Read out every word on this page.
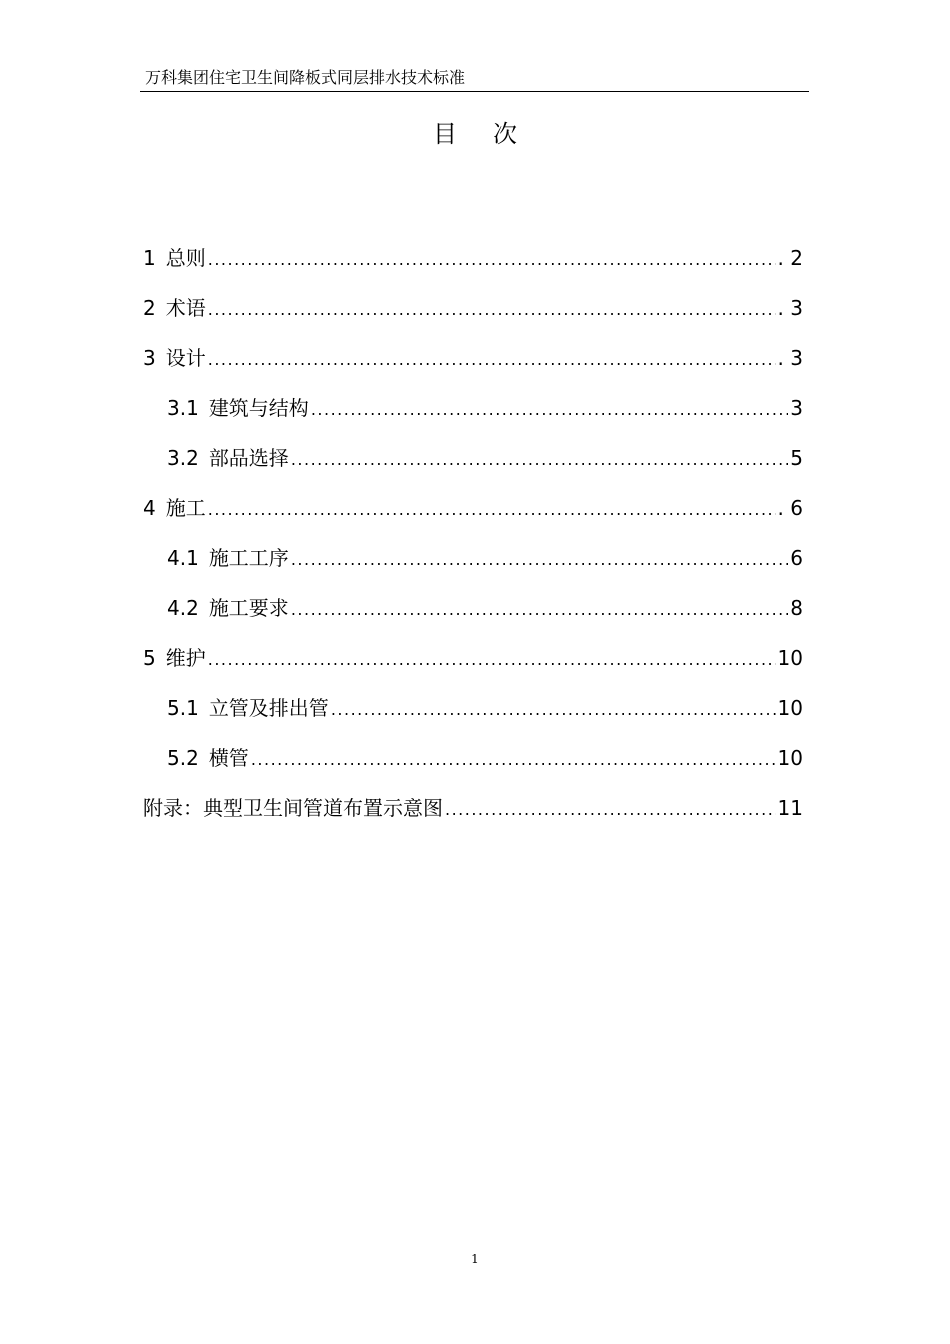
万科集团住宅卫生间降板式同层排水技术标准
目次
1 总则 .....	. 2
2 术语 .....	. 3
3 设计 .....	. 3
3.1 建筑与结构 .....	3
3.2 部品选择 .....	5
4 施工 .....	. 6
4.1 施工工序 .....	6
4.2 施工要求 .....	8
5 维护 .....	10
5.1 立管及排出管 .....	10
5.2 横管 .....	10
附录：典型卫生间管道布置示意图 .....	11
1
